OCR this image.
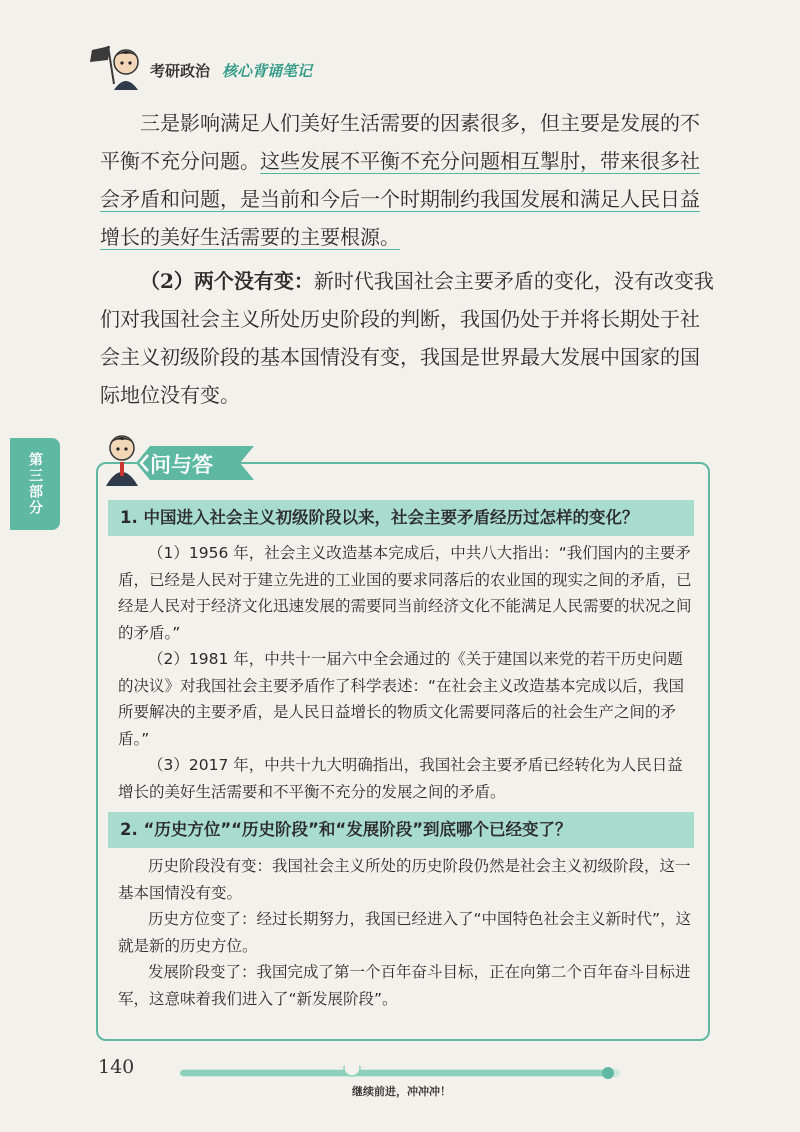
考研政治 核心背诵笔记

三是影响满足人们美好生活需要的因素很多，但主要是发展的不平衡不充分问题。这些发展不平衡不充分问题相互掣肘，带来很多社会矛盾和问题，是当前和今后一个时期制约我国发展和满足人民日益增长的美好生活需要的主要根源。

（2）两个没有变：新时代我国社会主要矛盾的变化，没有改变我们对我国社会主义所处历史阶段的判断，我国仍处于并将长期处于社会主义初级阶段的基本国情没有变，我国是世界最大发展中国家的国际地位没有变。

第三部分	问与答
1. 中国进入社会主义初级阶段以来，社会主要矛盾经历过怎样的变化？

（1）1956 年，社会主义改造基本完成后，中共八大指出：“我们国内的主要矛盾，已经是人民对于建立先进的工业国的要求同落后的农业国的现实之间的矛盾，已经是人民对于经济文化迅速发展的需要同当前经济文化不能满足人民需要的状况之间的矛盾。”

（2）1981 年，中共十一届六中全会通过的《关于建国以来党的若干历史问题的决议》对我国社会主要矛盾作了科学表述：“在社会主义改造基本完成以后，我国所要解决的主要矛盾，是人民日益增长的物质文化需要同落后的社会生产之间的矛盾。”

（3）2017 年，中共十九大明确指出，我国社会主要矛盾已经转化为人民日益增长的美好生活需要和不平衡不充分的发展之间的矛盾。

2. “历史方位”“历史阶段”和“发展阶段”到底哪个已经变了？

历史阶段没有变：我国社会主义所处的历史阶段仍然是社会主义初级阶段，这一基本国情没有变。

历史方位变了：经过长期努力，我国已经进入了“中国特色社会主义新时代”，这就是新的历史方位。

发展阶段变了：我国完成了第一个百年奋斗目标，正在向第二个百年奋斗目标进军，这意味着我们进入了“新发展阶段”。

140
继续前进，冲冲冲！
